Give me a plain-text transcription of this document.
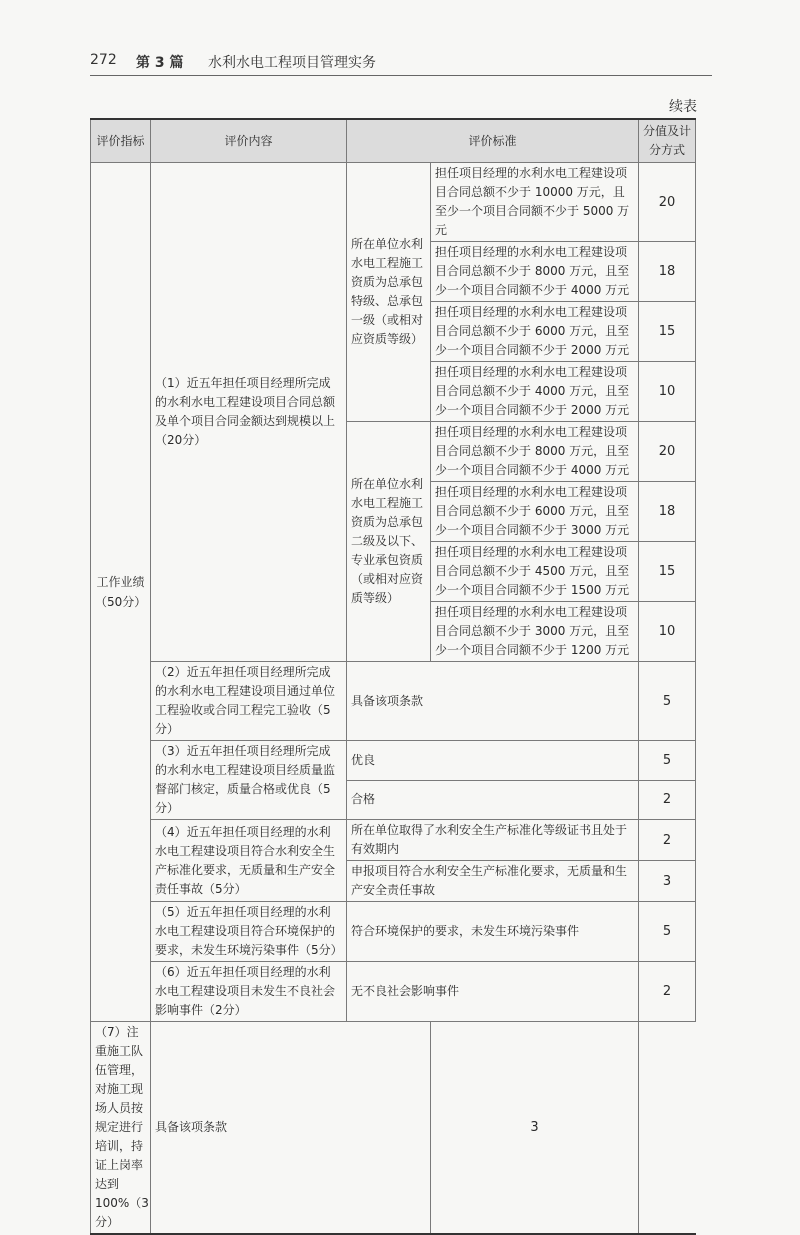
272 第 3 篇 水利水电工程项目管理实务
续表
评价指标	评价内容	评价标准		分值及计分方式
工作业绩（50分）	（1）近五年担任项目经理所完成的水利水电工程建设项目合同总额及单个项目合同金额达到规模以上（20分）	所在单位水利水电工程施工资质为总承包特级、总承包一级（或相对应资质等级）	担任项目经理的水利水电工程建设项目合同总额不少于 10000 万元，且至少一个项目合同额不少于 5000 万元	20
			担任项目经理的水利水电工程建设项目合同总额不少于 8000 万元，且至少一个项目合同额不少于 4000 万元	18
			担任项目经理的水利水电工程建设项目合同总额不少于 6000 万元，且至少一个项目合同额不少于 2000 万元	15
			担任项目经理的水利水电工程建设项目合同总额不少于 4000 万元，且至少一个项目合同额不少于 2000 万元	10
		所在单位水利水电工程施工资质为总承包二级及以下、专业承包资质（或相对应资质等级）	担任项目经理的水利水电工程建设项目合同总额不少于 8000 万元，且至少一个项目合同额不少于 4000 万元	20
			担任项目经理的水利水电工程建设项目合同总额不少于 6000 万元，且至少一个项目合同额不少于 3000 万元	18
			担任项目经理的水利水电工程建设项目合同总额不少于 4500 万元，且至少一个项目合同额不少于 1500 万元	15
			担任项目经理的水利水电工程建设项目合同总额不少于 3000 万元，且至少一个项目合同额不少于 1200 万元	10
	（2）近五年担任项目经理所完成的水利水电工程建设项目通过单位工程验收或合同工程完工验收（5分）	具备该项条款		5
	（3）近五年担任项目经理所完成的水利水电工程建设项目经质量监督部门核定，质量合格或优良（5分）	优良		5
		合格		2
	（4）近五年担任项目经理的水利水电工程建设项目符合水利安全生产标准化要求，无质量和生产安全责任事故（5分）	所在单位取得了水利安全生产标准化等级证书且处于有效期内		2
		申报项目符合水利安全生产标准化要求，无质量和生产安全责任事故		3
	（5）近五年担任项目经理的水利水电工程建设项目符合环境保护的要求，未发生环境污染事件（5分）	符合环境保护的要求，未发生环境污染事件		5
	（6）近五年担任项目经理的水利水电工程建设项目未发生不良社会影响事件（2分）	无不良社会影响事件		2
（7）注重施工队伍管理，对施工现场人员按规定进行培训，持证上岗率达到 100%（3分）	具备该项条款		3	
